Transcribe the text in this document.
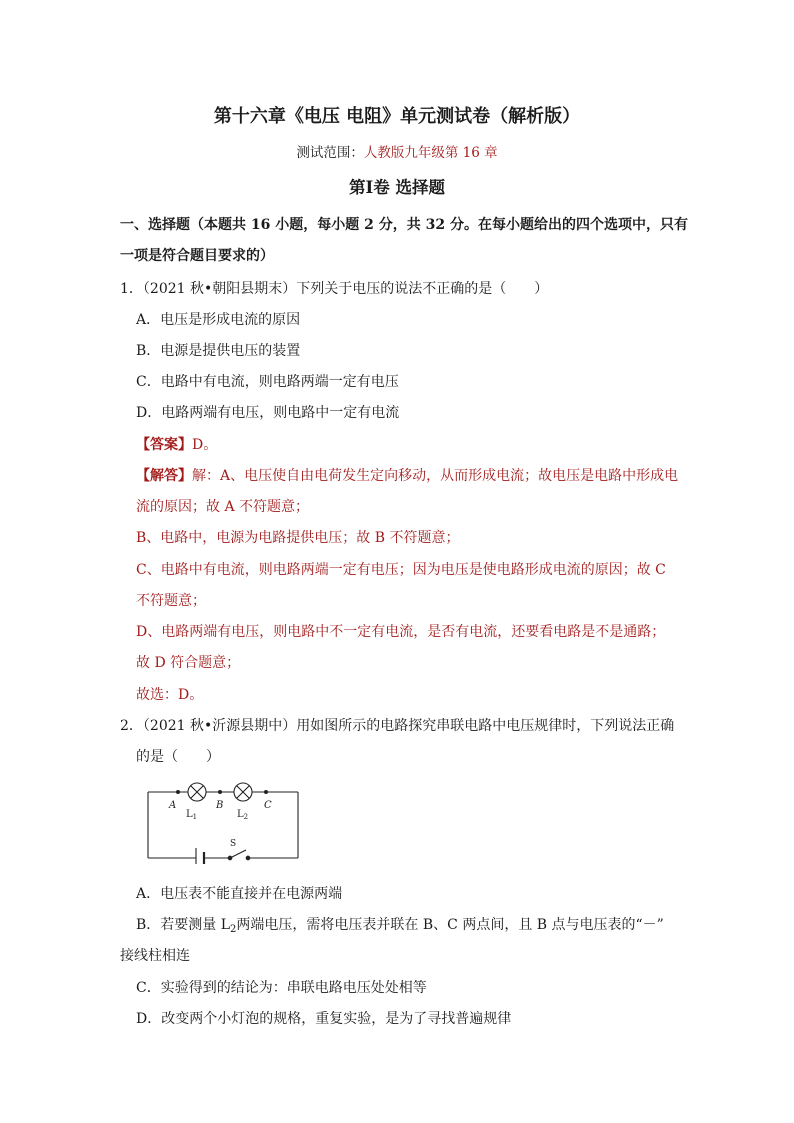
第十六章《电压 电阻》单元测试卷（解析版）
测试范围：人教版九年级第 16 章
第Ⅰ卷 选择题
一、选择题（本题共 16 小题，每小题 2 分，共 32 分。在每小题给出的四个选项中，只有
一项是符合题目要求的）
1．（2021 秋•朝阳县期末）下列关于电压的说法不正确的是（　　）
A．电压是形成电流的原因
B．电源是提供电压的装置
C．电路中有电流，则电路两端一定有电压
D．电路两端有电压，则电路中一定有电流
【答案】D。
【解答】解：A、电压使自由电荷发生定向移动，从而形成电流；故电压是电路中形成电
流的原因；故 A 不符题意；
B、电路中，电源为电路提供电压；故 B 不符题意；
C、电路中有电流，则电路两端一定有电压；因为电压是使电路形成电流的原因；故 C
不符题意；
D、电路两端有电压，则电路中不一定有电流，是否有电流，还要看电路是不是通路；
故 D 符合题意；
故选：D。
2．（2021 秋•沂源县期中）用如图所示的电路探究串联电路中电压规律时，下列说法正确
的是（　　）
A	B	C
$L_1$	$L_2$
S
A．电压表不能直接并在电源两端
B．若要测量 $L_2$两端电压，需将电压表并联在 B、C 两点间，且 B 点与电压表的“－”
接线柱相连
C．实验得到的结论为：串联电路电压处处相等
D．改变两个小灯泡的规格，重复实验，是为了寻找普遍规律
